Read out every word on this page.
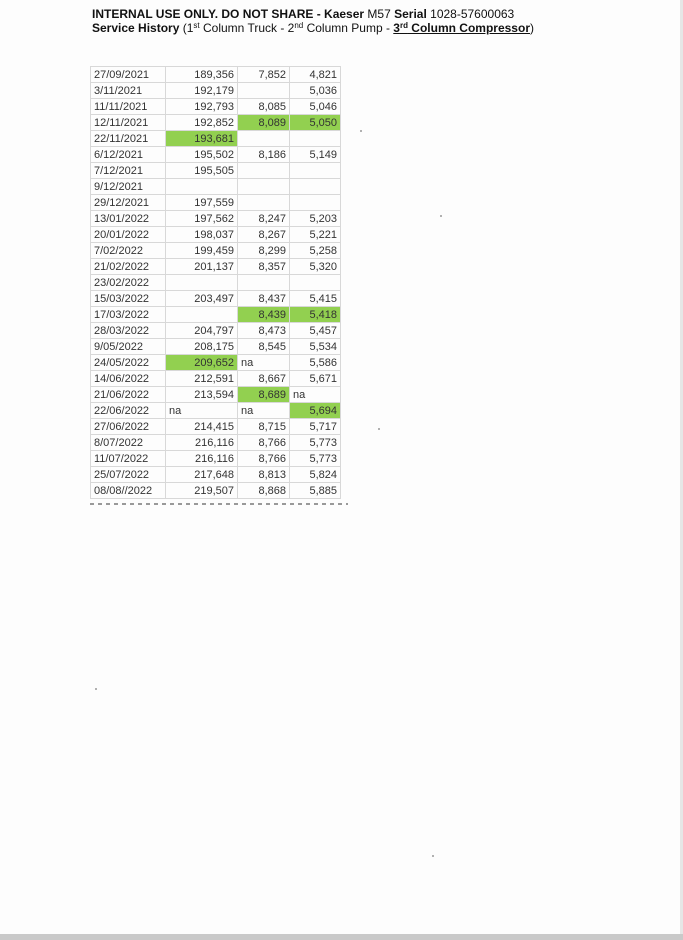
INTERNAL USE ONLY. DO NOT SHARE - Kaeser M57 Serial 1028-57600063
Service History (1st Column Truck - 2nd Column Pump - 3rd Column Compressor)
27/09/2021	189,356	7,852	4,821
3/11/2021	192,179		5,036
11/11/2021	192,793	8,085	5,046
12/11/2021	192,852	8,089	5,050
22/11/2021	193,681		
6/12/2021	195,502	8,186	5,149
7/12/2021	195,505		
9/12/2021			
29/12/2021	197,559		
13/01/2022	197,562	8,247	5,203
20/01/2022	198,037	8,267	5,221
7/02/2022	199,459	8,299	5,258
21/02/2022	201,137	8,357	5,320
23/02/2022			
15/03/2022	203,497	8,437	5,415
17/03/2022		8,439	5,418
28/03/2022	204,797	8,473	5,457
9/05/2022	208,175	8,545	5,534
24/05/2022	209,652	na	5,586
14/06/2022	212,591	8,667	5,671
21/06/2022	213,594	8,689	na
22/06/2022	na	na	5,694
27/06/2022	214,415	8,715	5,717
8/07/2022	216,116	8,766	5,773
11/07/2022	216,116	8,766	5,773
25/07/2022	217,648	8,813	5,824
08/08//2022	219,507	8,868	5,885
